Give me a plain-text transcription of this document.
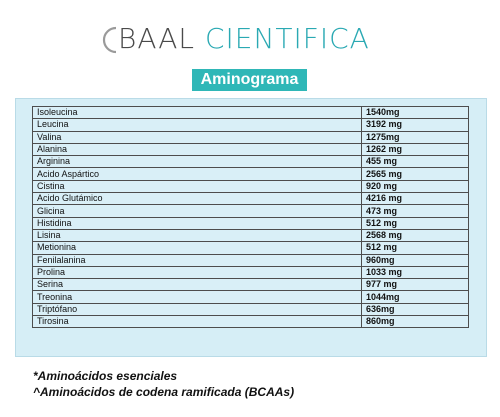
BAAL CIENTIFICA
Aminograma
Isoleucina	1540mg
Leucina	3192 mg
Valina	1275mg
Alanina	1262 mg
Arginina	455 mg
Acido Aspártico	2565 mg
Cistina	920 mg
Acido Glutámico	4216 mg
Glicina	473 mg
Histidina	512 mg
Lisina	2568 mg
Metionina	512 mg
Fenilalanina	960mg
Prolina	1033 mg
Serina	977 mg
Treonina	1044mg
Triptófano	636mg
Tirosina	860mg
*Aminoácidos esenciales
^Aminoácidos de codena ramificada (BCAAs)
